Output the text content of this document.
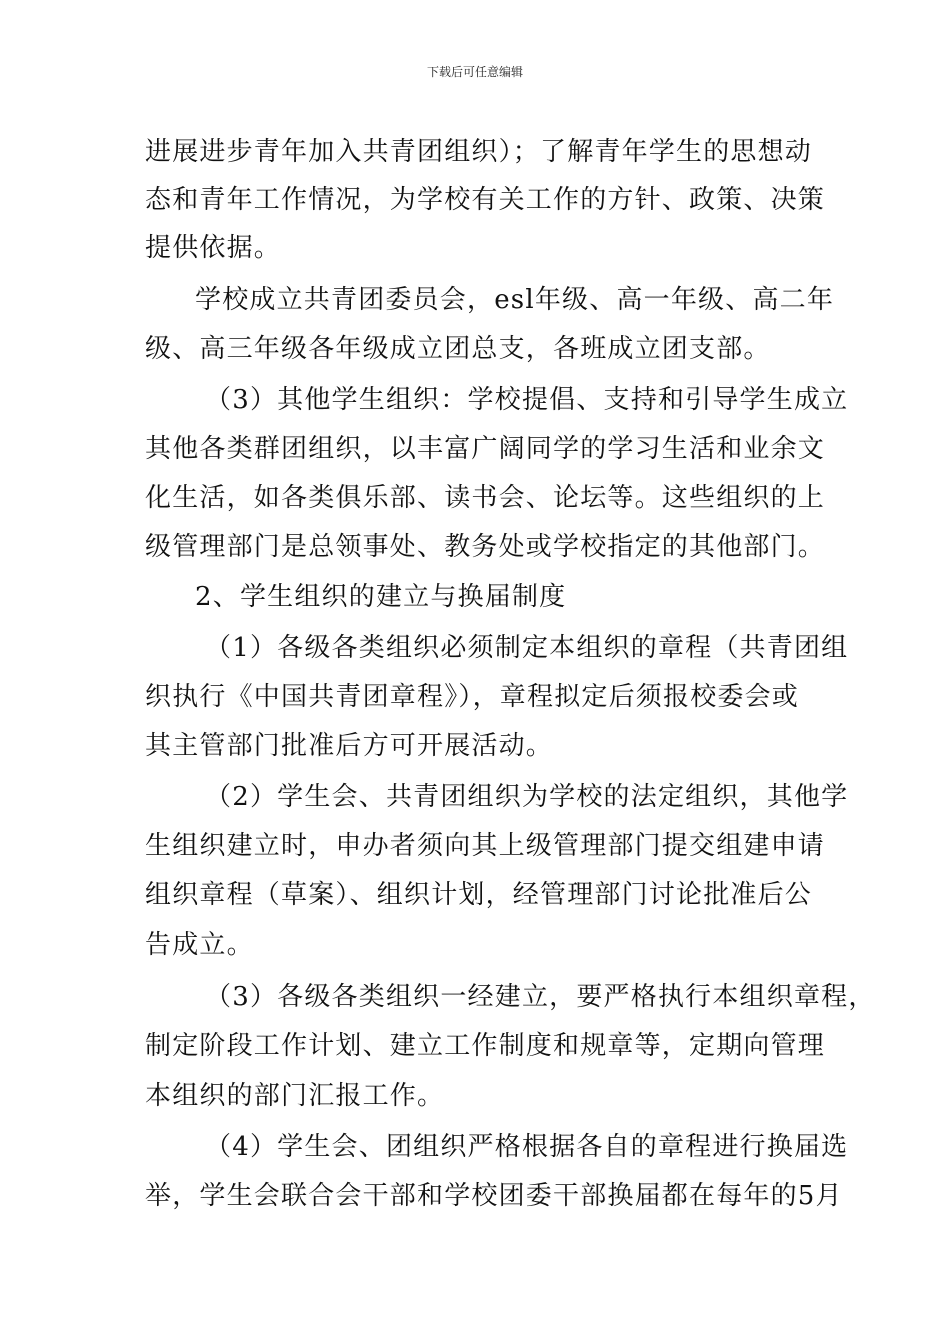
下载后可任意编辑
进展进步青年加入共青团组织）；了解青年学生的思想动
态和青年工作情况，为学校有关工作的方针、政策、决策
提供依据。
学校成立共青团委员会，esl年级、高一年级、高二年
级、高三年级各年级成立团总支，各班成立团支部。
（3）其他学生组织：学校提倡、支持和引导学生成立
其他各类群团组织，以丰富广阔同学的学习生活和业余文
化生活，如各类俱乐部、读书会、论坛等。这些组织的上
级管理部门是总领事处、教务处或学校指定的其他部门。
2、学生组织的建立与换届制度
（1）各级各类组织必须制定本组织的章程（共青团组
织执行《中国共青团章程》），章程拟定后须报校委会或
其主管部门批准后方可开展活动。
（2）学生会、共青团组织为学校的法定组织，其他学
生组织建立时，申办者须向其上级管理部门提交组建申请
组织章程（草案）、组织计划，经管理部门讨论批准后公
告成立。
（3）各级各类组织一经建立，要严格执行本组织章程，
制定阶段工作计划、建立工作制度和规章等，定期向管理
本组织的部门汇报工作。
（4）学生会、团组织严格根据各自的章程进行换届选
举，学生会联合会干部和学校团委干部换届都在每年的5月
